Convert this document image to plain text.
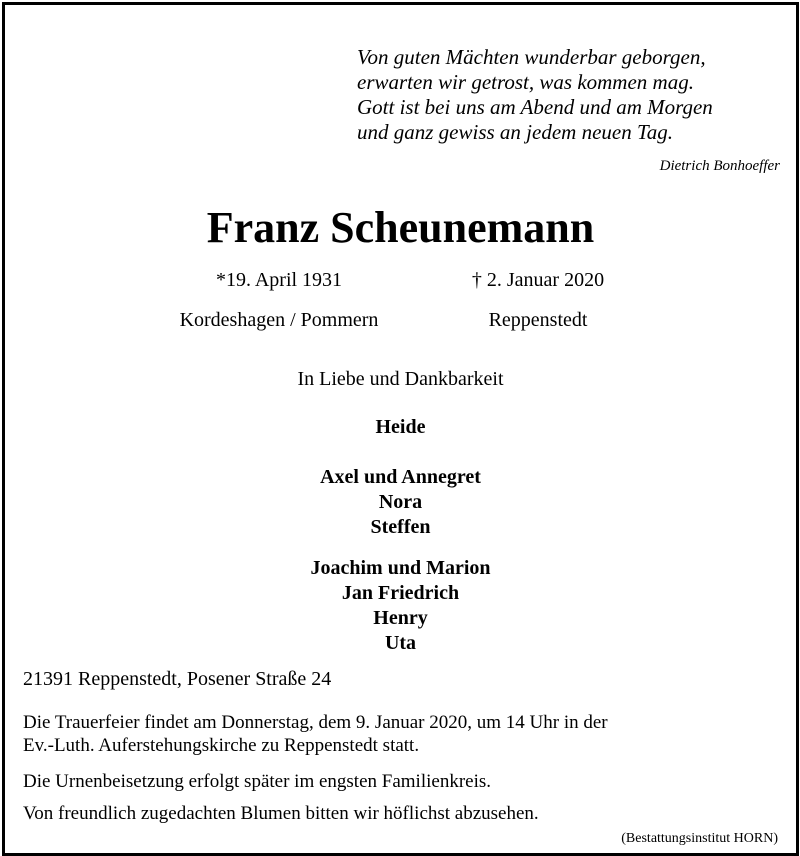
Von guten Mächten wunderbar geborgen,
erwarten wir getrost, was kommen mag.
Gott ist bei uns am Abend und am Morgen
und ganz gewiss an jedem neuen Tag.
Dietrich Bonhoeffer
Franz Scheunemann
*19. April 1931	† 2. Januar 2020
Kordeshagen / Pommern	Reppenstedt
In Liebe und Dankbarkeit
Heide
Axel und Annegret
Nora
Steffen
Joachim und Marion
Jan Friedrich
Henry
Uta
21391 Reppenstedt, Posener Straße 24
Die Trauerfeier findet am Donnerstag, dem 9. Januar 2020, um 14 Uhr in der
Ev.-Luth. Auferstehungskirche zu Reppenstedt statt.
Die Urnenbeisetzung erfolgt später im engsten Familienkreis.
Von freundlich zugedachten Blumen bitten wir höflichst abzusehen.
(Bestattungsinstitut HORN)
